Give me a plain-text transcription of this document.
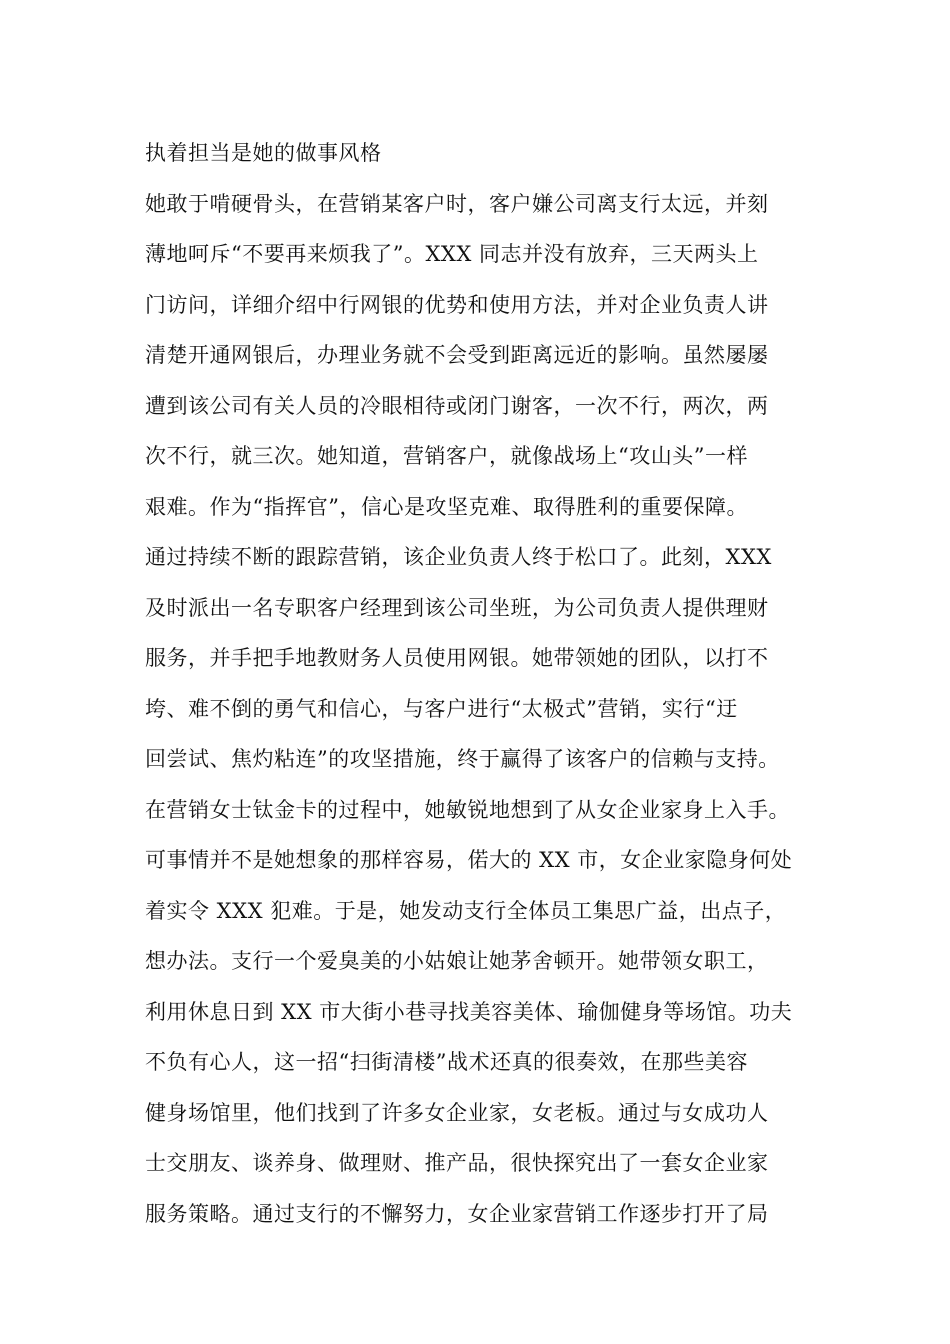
执着担当是她的做事风格
她敢于啃硬骨头，在营销某客户时，客户嫌公司离支行太远，并刻
薄地呵斥“不要再来烦我了”。XXX 同志并没有放弃，三天两头上
门访问，详细介绍中行网银的优势和使用方法，并对企业负责人讲
清楚开通网银后，办理业务就不会受到距离远近的影响。虽然屡屡
遭到该公司有关人员的冷眼相待或闭门谢客，一次不行，两次，两
次不行，就三次。她知道，营销客户，就像战场上“攻山头”一样
艰难。作为“指挥官”，信心是攻坚克难、取得胜利的重要保障。
通过持续不断的跟踪营销，该企业负责人终于松口了。此刻，XXX
及时派出一名专职客户经理到该公司坐班，为公司负责人提供理财
服务，并手把手地教财务人员使用网银。她带领她的团队，以打不
垮、难不倒的勇气和信心，与客户进行“太极式”营销，实行“迂
回尝试、焦灼粘连”的攻坚措施，终于赢得了该客户的信赖与支持。
在营销女士钛金卡的过程中，她敏锐地想到了从女企业家身上入手。
可事情并不是她想象的那样容易，偌大的 XX 市，女企业家隐身何处
着实令 XXX 犯难。于是，她发动支行全体员工集思广益，出点子，
想办法。支行一个爱臭美的小姑娘让她茅舍顿开。她带领女职工，
利用休息日到 XX 市大街小巷寻找美容美体、瑜伽健身等场馆。功夫
不负有心人，这一招“扫街清楼”战术还真的很奏效，在那些美容
健身场馆里，他们找到了许多女企业家，女老板。通过与女成功人
士交朋友、谈养身、做理财、推产品，很快探究出了一套女企业家
服务策略。通过支行的不懈努力，女企业家营销工作逐步打开了局
